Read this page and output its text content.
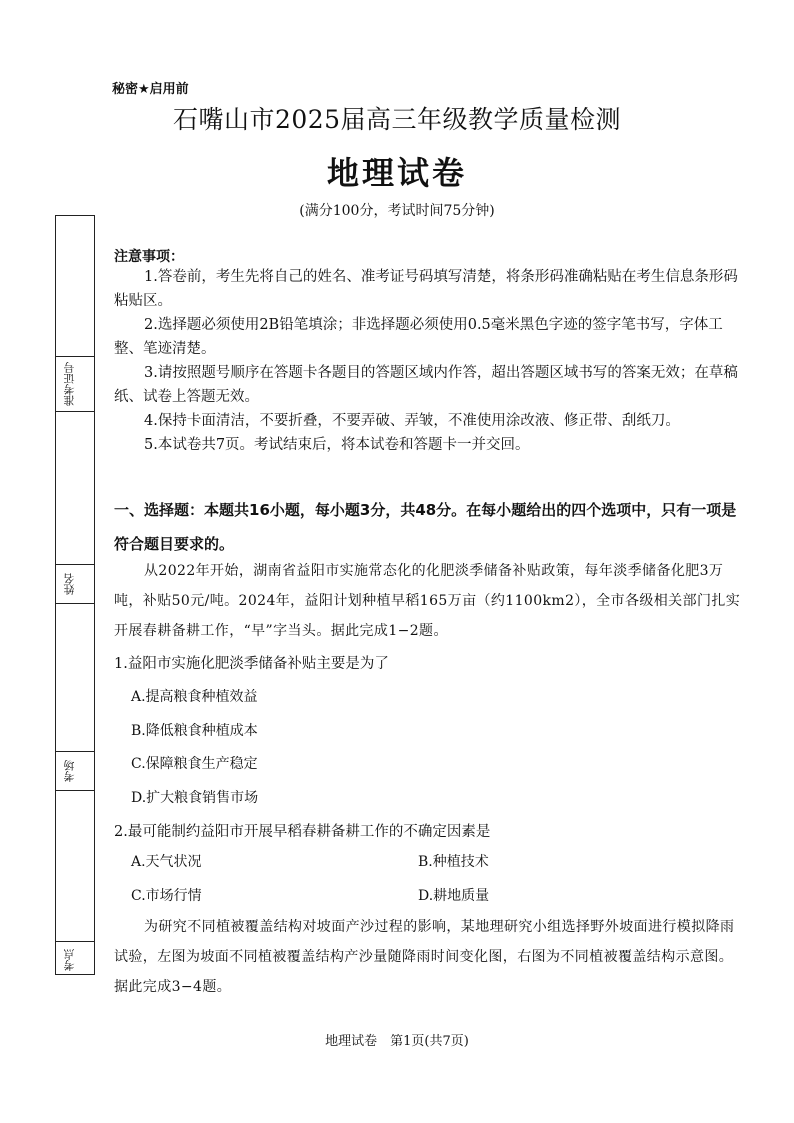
秘密★启用前
石嘴山市2025届高三年级教学质量检测
地理试卷
(满分100分，考试时间75分钟)
准考证号
姓名
考场
考点
注意事项：

1.答卷前，考生先将自己的姓名、准考证号码填写清楚，将条形码准确粘贴在考生信息条形码粘贴区。

2.选择题必须使用2B铅笔填涂；非选择题必须使用0.5毫米黑色字迹的签字笔书写，字体工整、笔迹清楚。

3.请按照题号顺序在答题卡各题目的答题区域内作答，超出答题区域书写的答案无效；在草稿纸、试卷上答题无效。

4.保持卡面清洁，不要折叠，不要弄破、弄皱，不准使用涂改液、修正带、刮纸刀。

5.本试卷共7页。考试结束后，将本试卷和答题卡一并交回。

一、选择题：本题共16小题，每小题3分，共48分。在每小题给出的四个选项中，只有一项是符合题目要求的。
从2022年开始，湖南省益阳市实施常态化的化肥淡季储备补贴政策，每年淡季储备化肥3万吨，补贴50元/吨。2024年，益阳计划种植早稻165万亩（约1100km2），全市各级相关部门扎实开展春耕备耕工作，“早”字当头。据此完成1−2题。
1.益阳市实施化肥淡季储备补贴主要是为了
A.提高粮食种植效益
B.降低粮食种植成本
C.保障粮食生产稳定
D.扩大粮食销售市场
2.最可能制约益阳市开展早稻春耕备耕工作的不确定因素是
A.天气状况	B.种植技术
C.市场行情	D.耕地质量
为研究不同植被覆盖结构对坡面产沙过程的影响，某地理研究小组选择野外坡面进行模拟降雨试验，左图为坡面不同植被覆盖结构产沙量随降雨时间变化图，右图为不同植被覆盖结构示意图。据此完成3−4题。
地理试卷　第1页(共7页)
